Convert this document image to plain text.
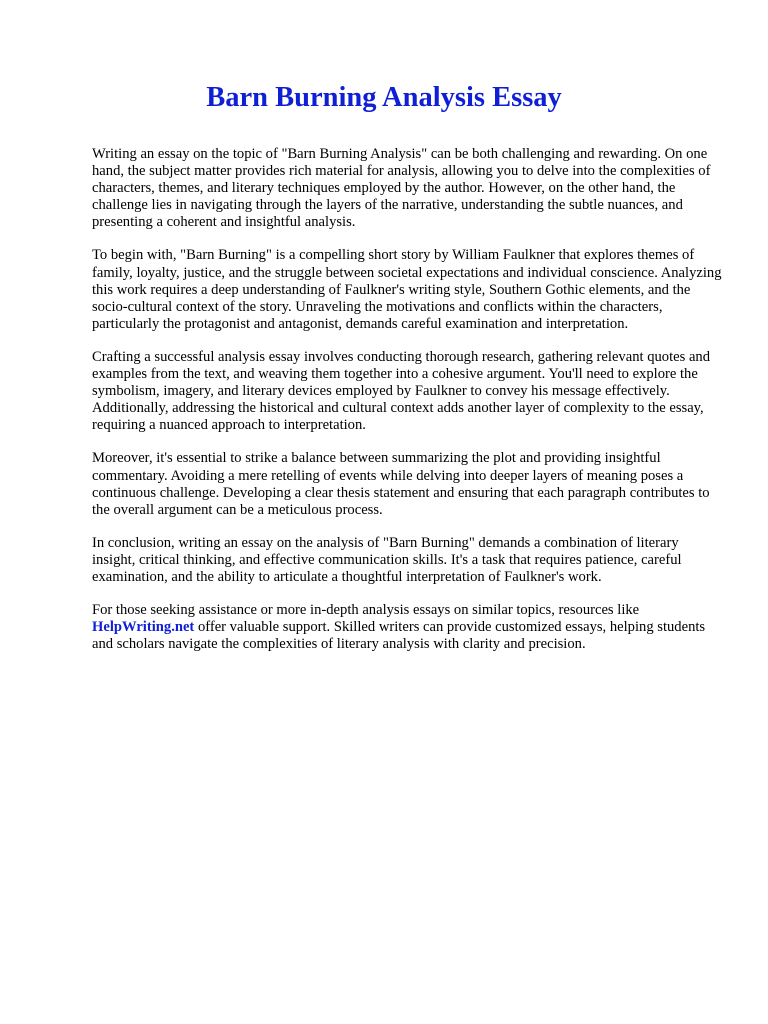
Barn Burning Analysis Essay

Writing an essay on the topic of "Barn Burning Analysis" can be both challenging and rewarding. On one hand, the subject matter provides rich material for analysis, allowing you to delve into the complexities of characters, themes, and literary techniques employed by the author. However, on the other hand, the challenge lies in navigating through the layers of the narrative, understanding the subtle nuances, and presenting a coherent and insightful analysis.

To begin with, "Barn Burning" is a compelling short story by William Faulkner that explores themes of family, loyalty, justice, and the struggle between societal expectations and individual conscience. Analyzing this work requires a deep understanding of Faulkner's writing style, Southern Gothic elements, and the socio-cultural context of the story. Unraveling the motivations and conflicts within the characters, particularly the protagonist and antagonist, demands careful examination and interpretation.

Crafting a successful analysis essay involves conducting thorough research, gathering relevant quotes and examples from the text, and weaving them together into a cohesive argument. You'll need to explore the symbolism, imagery, and literary devices employed by Faulkner to convey his message effectively. Additionally, addressing the historical and cultural context adds another layer of complexity to the essay, requiring a nuanced approach to interpretation.

Moreover, it's essential to strike a balance between summarizing the plot and providing insightful commentary. Avoiding a mere retelling of events while delving into deeper layers of meaning poses a continuous challenge. Developing a clear thesis statement and ensuring that each paragraph contributes to the overall argument can be a meticulous process.

In conclusion, writing an essay on the analysis of "Barn Burning" demands a combination of literary insight, critical thinking, and effective communication skills. It's a task that requires patience, careful examination, and the ability to articulate a thoughtful interpretation of Faulkner's work.

For those seeking assistance or more in-depth analysis essays on similar topics, resources like HelpWriting.net offer valuable support. Skilled writers can provide customized essays, helping students and scholars navigate the complexities of literary analysis with clarity and precision.
